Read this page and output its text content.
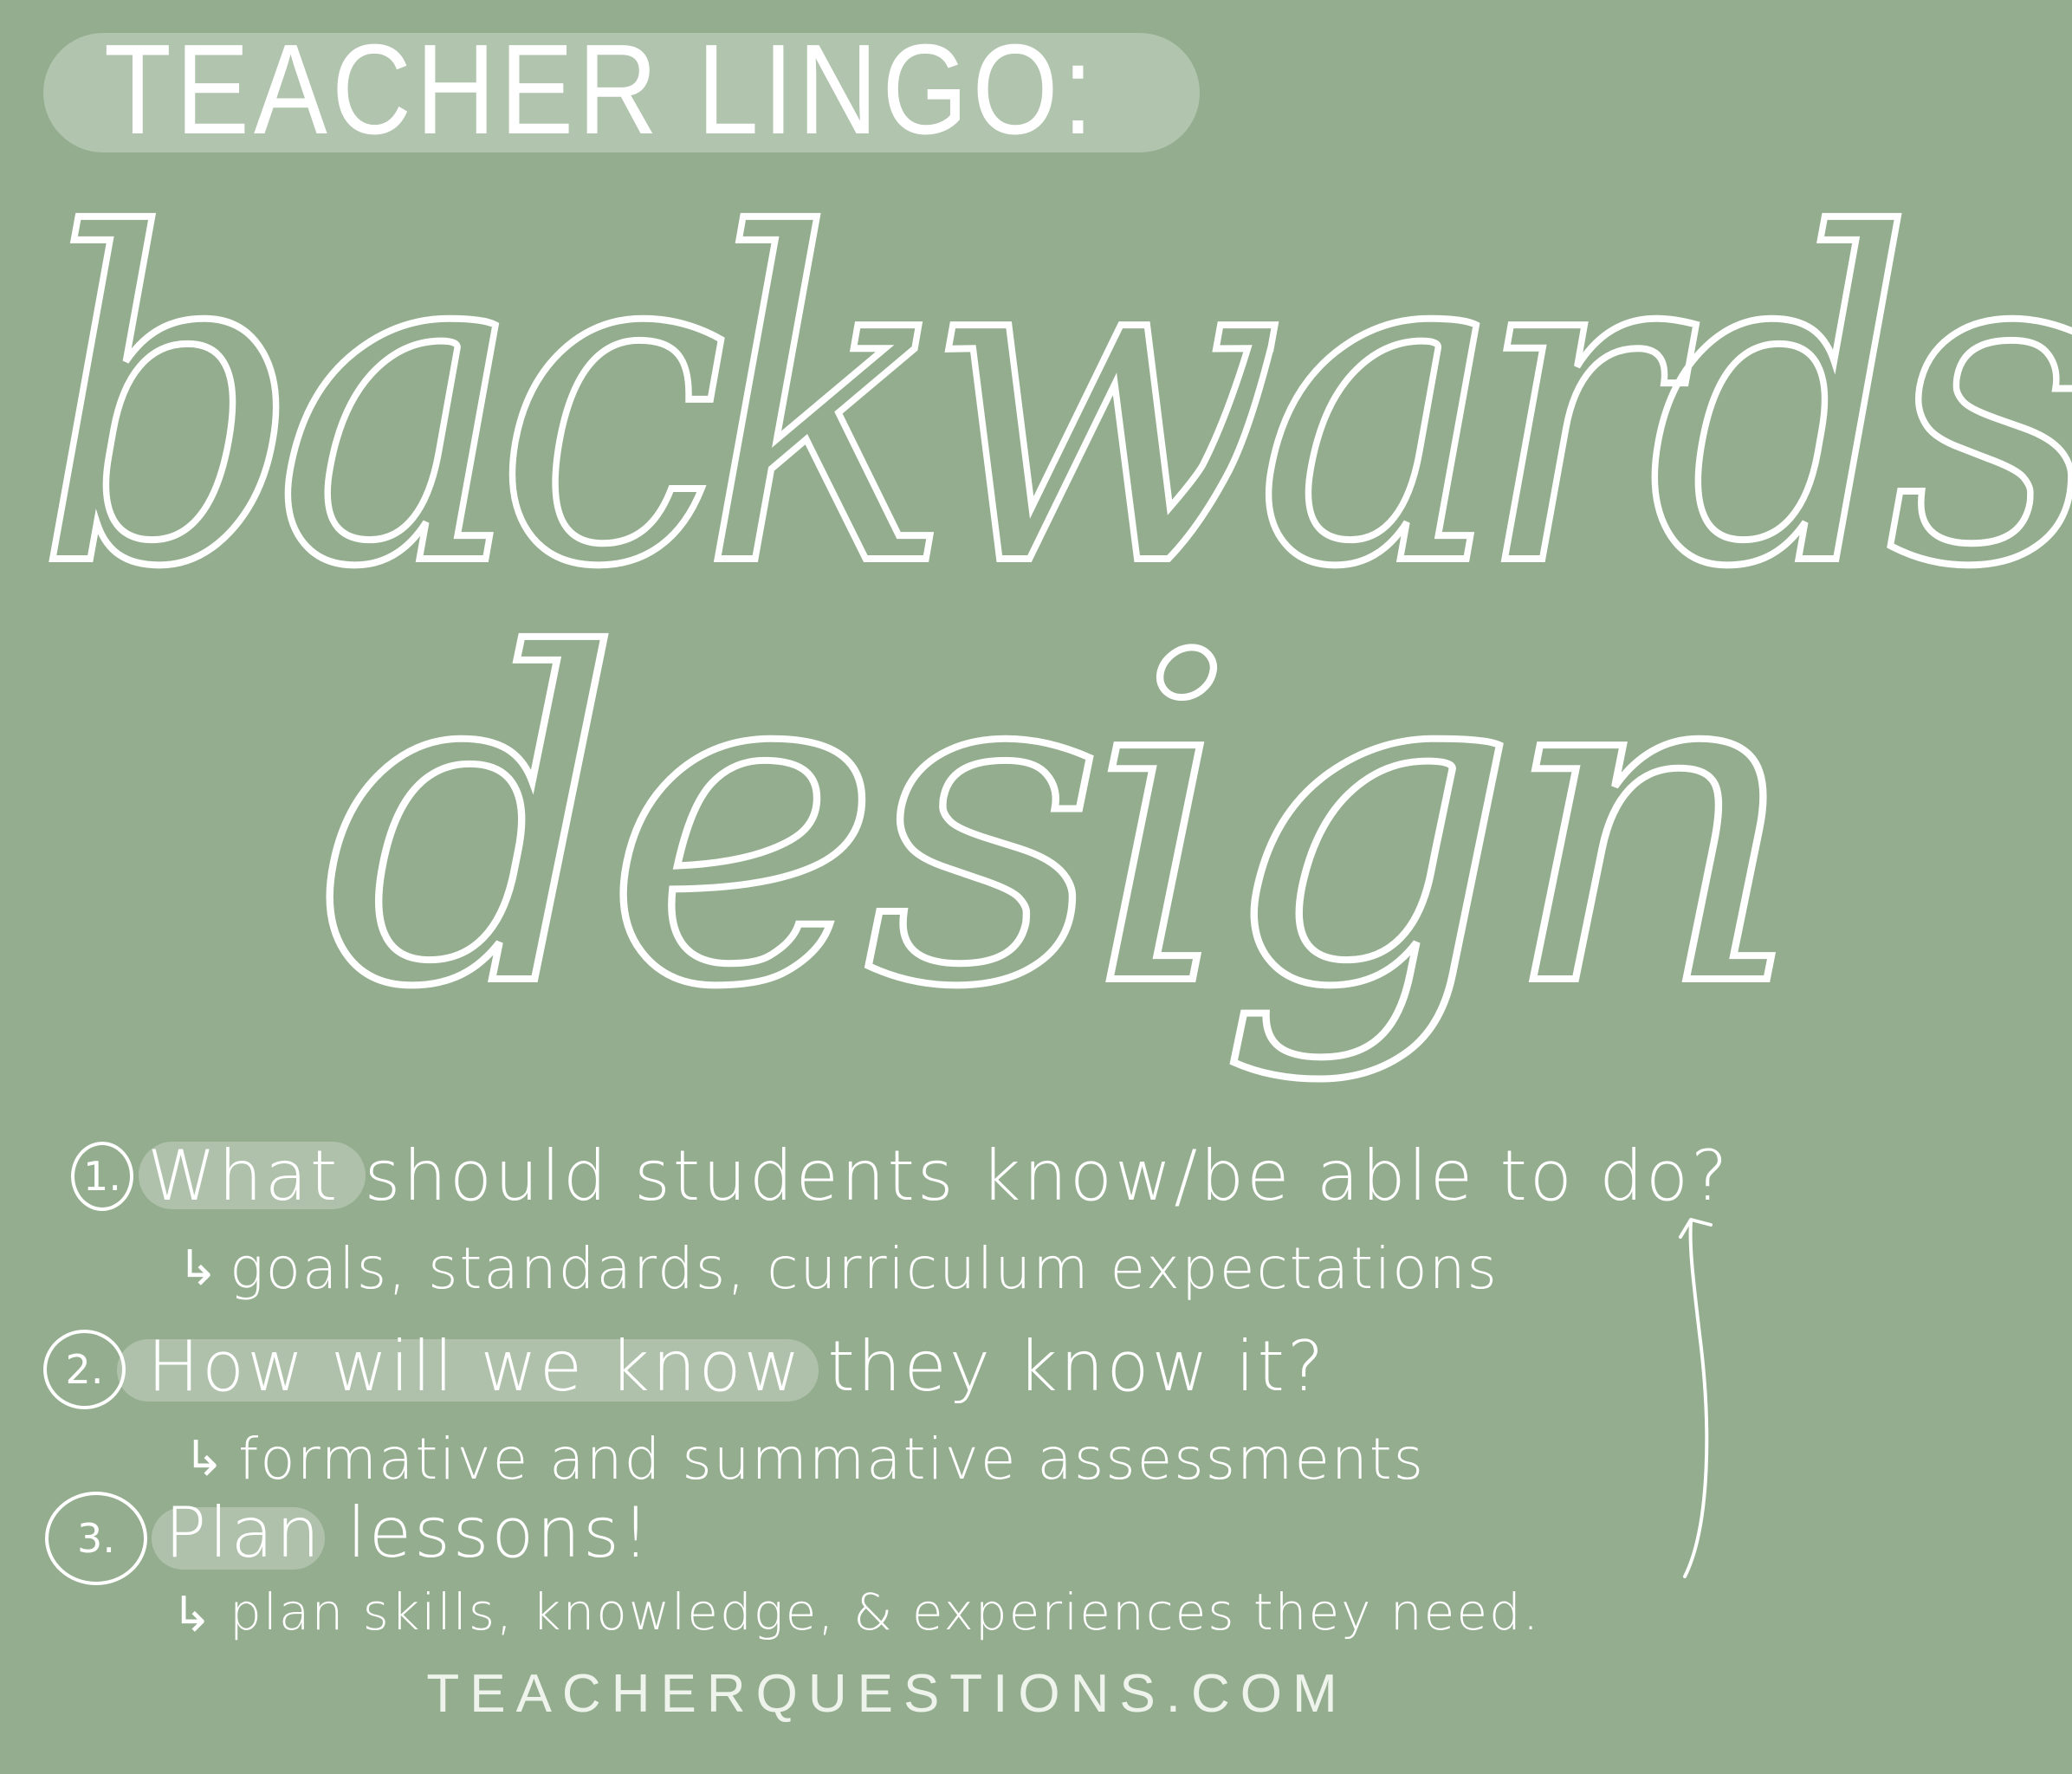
TEACHER LINGO:
backwards
design
1. What should students know/be able to do?
↳ goals, standards, curriculum expectations
2. How will we know they know it?
↳ formative and summative assessments
3. Plan lessons!
↳ plan skills, knowledge, & experiences they need.
TEACHERQUESTIONS.COM
